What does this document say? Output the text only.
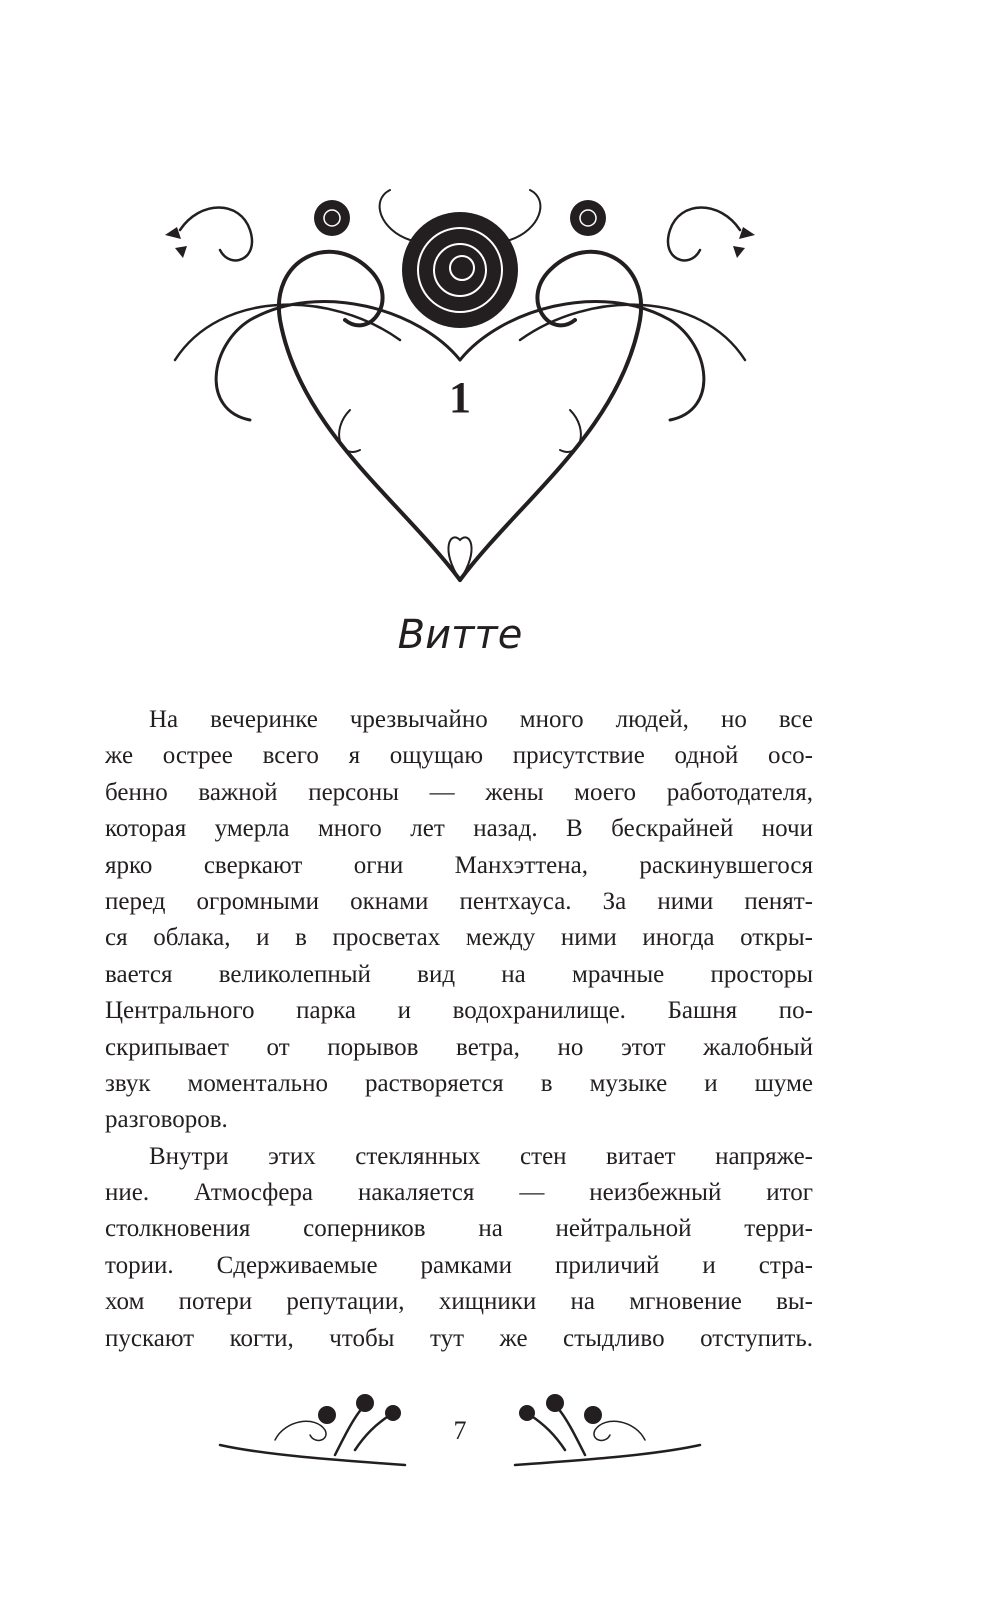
1
Витте
На вечеринке чрезвычайно много людей, но все
же острее всего я ощущаю присутствие одной осо-
бенно важной персоны — жены моего работодателя,
которая умерла много лет назад. В бескрайней ночи
ярко сверкают огни Манхэттена, раскинувшегося
перед огромными окнами пентхауса. За ними пенят-
ся облака, и в просветах между ними иногда откры-
вается великолепный вид на мрачные просторы
Центрального парка и водохранилище. Башня по-
скрипывает от порывов ветра, но этот жалобный
звук моментально растворяется в музыке и шуме
разговоров.
Внутри этих стеклянных стен витает напряже-
ние. Атмосфера накаляется — неизбежный итог
столкновения соперников на нейтральной терри-
тории. Сдерживаемые рамками приличий и стра-
хом потери репутации, хищники на мгновение вы-
пускают когти, чтобы тут же стыдливо отступить.
7
